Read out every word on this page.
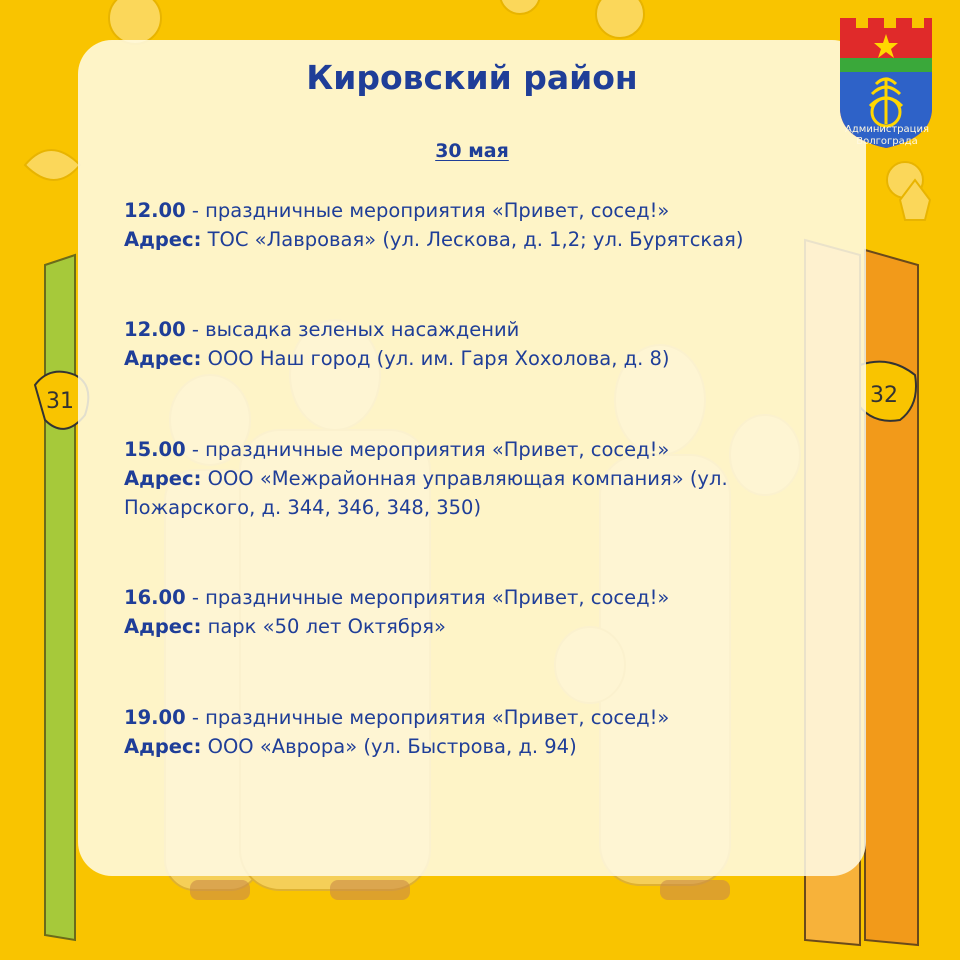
31	32
Администрация
Волгограда
Кировский район
30 мая
12.00 - праздничные мероприятия «Привет, сосед!»
Адрес: ТОС «Лавровая» (ул. Лескова, д. 1,2; ул. Бурятская)
12.00 - высадка зеленых насаждений
Адрес: ООО Наш город (ул. им. Гаря Хохолова, д. 8)
15.00 - праздничные мероприятия «Привет, сосед!»
Адрес: ООО «Межрайонная управляющая компания» (ул. Пожарского, д. 344, 346, 348, 350)
16.00 - праздничные мероприятия «Привет, сосед!»
Адрес: парк «50 лет Октября»
19.00 - праздничные мероприятия «Привет, сосед!»
Адрес: ООО «Аврора» (ул. Быстрова, д. 94)
